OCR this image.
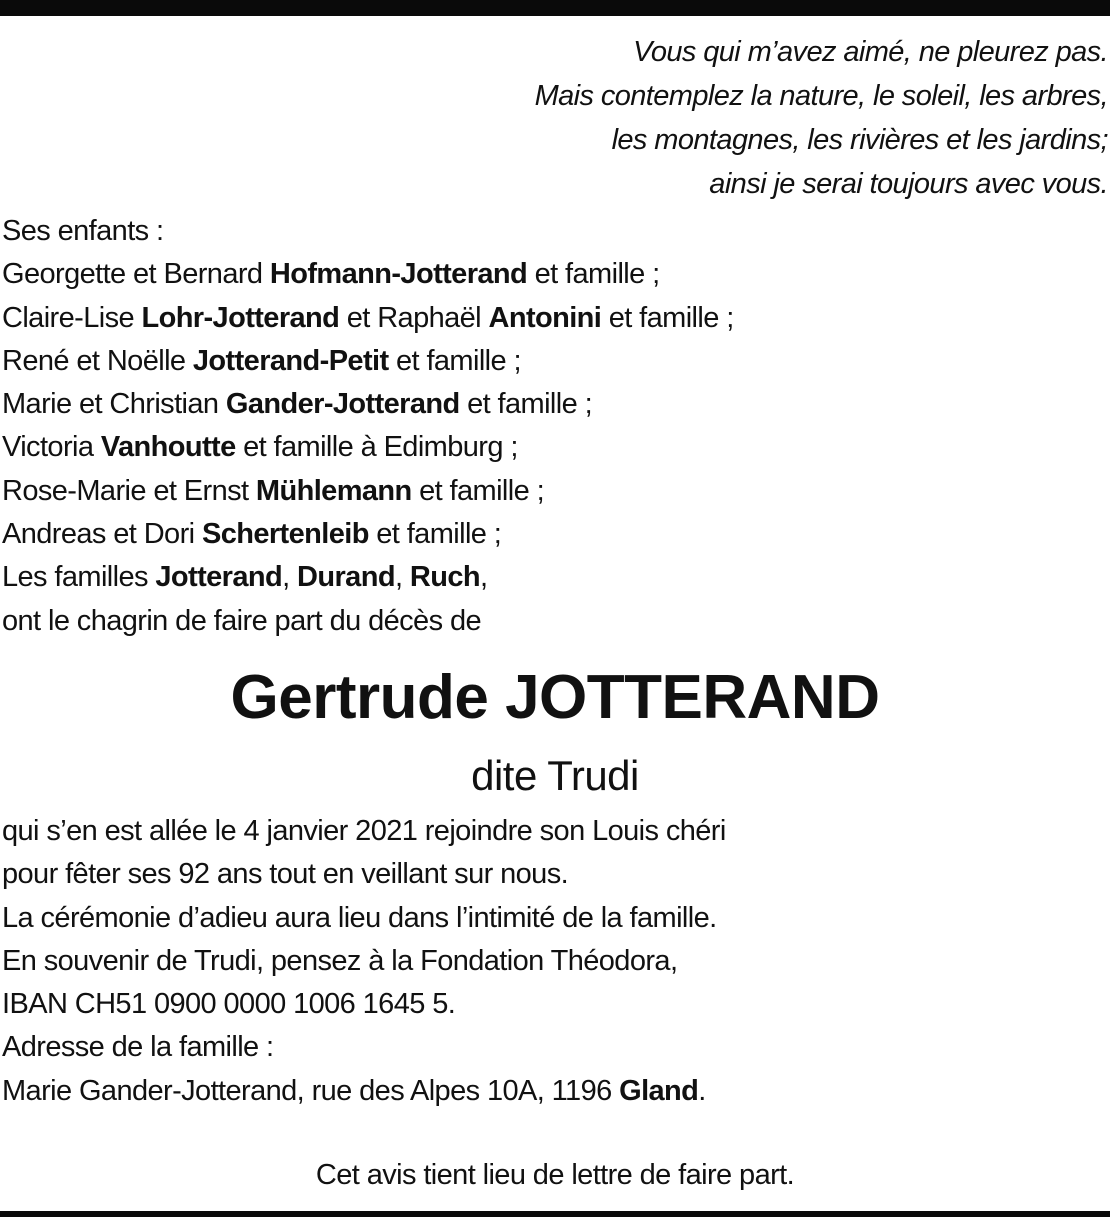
Vous qui m’avez aimé, ne pleurez pas.
Mais contemplez la nature, le soleil, les arbres,
les montagnes, les rivières et les jardins;
ainsi je serai toujours avec vous.
Ses enfants :
Georgette et Bernard Hofmann-Jotterand et famille ;
Claire-Lise Lohr-Jotterand et Raphaël Antonini et famille ;
René et Noëlle Jotterand-Petit et famille ;
Marie et Christian Gander-Jotterand et famille ;
Victoria Vanhoutte et famille à Edimburg ;
Rose-Marie et Ernst Mühlemann et famille ;
Andreas et Dori Schertenleib et famille ;
Les familles Jotterand, Durand, Ruch,
ont le chagrin de faire part du décès de
Gertrude JOTTERAND
dite Trudi
qui s’en est allée le 4 janvier 2021 rejoindre son Louis chéri
pour fêter ses 92 ans tout en veillant sur nous.
La cérémonie d’adieu aura lieu dans l’intimité de la famille.
En souvenir de Trudi, pensez à la Fondation Théodora,
IBAN CH51 0900 0000 1006 1645 5.
Adresse de la famille :
Marie Gander-Jotterand, rue des Alpes 10A, 1196 Gland.
Cet avis tient lieu de lettre de faire part.
